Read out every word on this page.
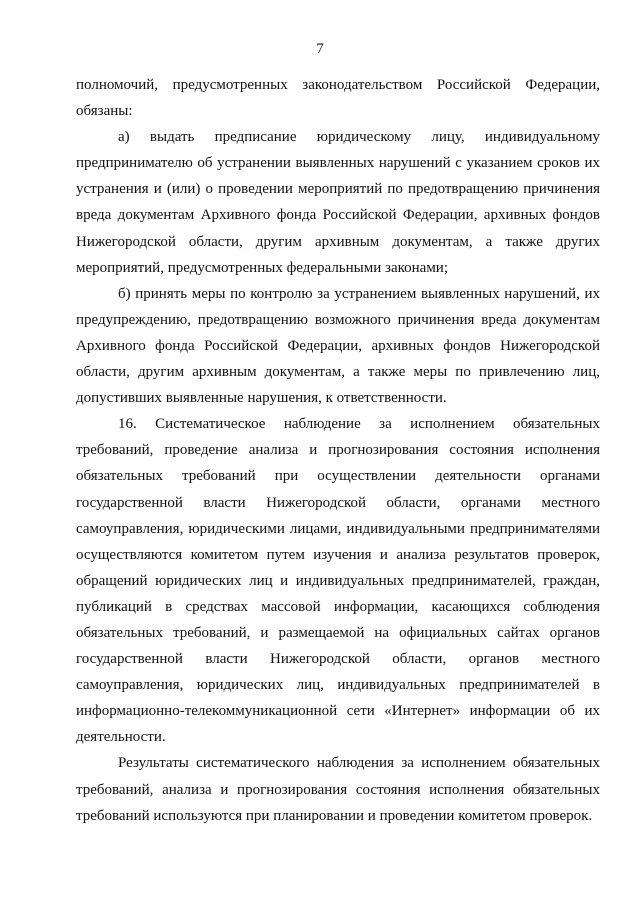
7

полномочий, предусмотренных законодательством Российской Федерации, обязаны:

а) выдать предписание юридическому лицу, индивидуальному предпринимателю об устранении выявленных нарушений с указанием сроков их устранения и (или) о проведении мероприятий по предотвращению причинения вреда документам Архивного фонда Российской Федерации, архивных фондов Нижегородской области, другим архивным документам, а также других мероприятий, предусмотренных федеральными законами;

б) принять меры по контролю за устранением выявленных нарушений, их предупреждению, предотвращению возможного причинения вреда документам Архивного фонда Российской Федерации, архивных фондов Нижегородской области, другим архивным документам, а также меры по привлечению лиц, допустивших выявленные нарушения, к ответственности.

16. Систематическое наблюдение за исполнением обязательных требований, проведение анализа и прогнозирования состояния исполнения обязательных требований при осуществлении деятельности органами государственной власти Нижегородской области, органами местного самоуправления, юридическими лицами, индивидуальными предпринимателями осуществляются комитетом путем изучения и анализа результатов проверок, обращений юридических лиц и индивидуальных предпринимателей, граждан, публикаций в средствах массовой информации, касающихся соблюдения обязательных требований, и размещаемой на официальных сайтах органов государственной власти Нижегородской области, органов местного самоуправления, юридических лиц, индивидуальных предпринимателей в информационно-телекоммуникационной сети «Интернет» информации об их деятельности.

Результаты систематического наблюдения за исполнением обязательных требований, анализа и прогнозирования состояния исполнения обязательных требований используются при планировании и проведении комитетом проверок.
